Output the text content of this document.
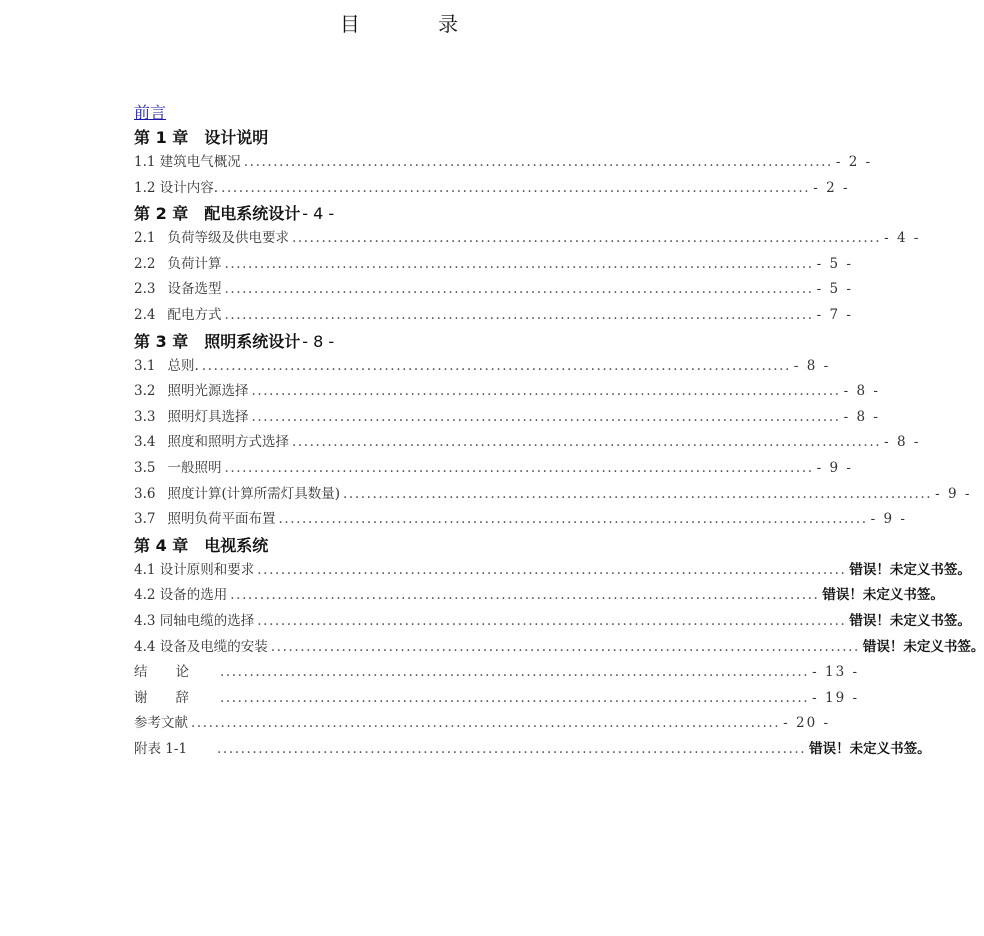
目 录
前言
第 1 章 设计说明
1.1 建筑电气概况 .................................................................................................... - 2 -
1.2 设计内容. .................................................................................................... - 2 -
第 2 章 配电系统设计 - 4 -
2.1 负荷等级及供电要求 .................................................................................................... - 4 -
2.2 负荷计算 .................................................................................................... - 5 -
2.3 设备选型 .................................................................................................... - 5 -
2.4 配电方式 .................................................................................................... - 7 -
第 3 章 照明系统设计 - 8 -
3.1 总则. .................................................................................................... - 8 -
3.2 照明光源选择 .................................................................................................... - 8 -
3.3 照明灯具选择 .................................................................................................... - 8 -
3.4 照度和照明方式选择 .................................................................................................... - 8 -
3.5 一般照明 .................................................................................................... - 9 -
3.6 照度计算(计算所需灯具数量) .................................................................................................... - 9 -
3.7 照明负荷平面布置 .................................................................................................... - 9 -
第 4 章 电视系统
4.1 设计原则和要求 .................................................................................................... 错误！未定义书签。
4.2 设备的选用 .................................................................................................... 错误！未定义书签。
4.3 同轴电缆的选择 .................................................................................................... 错误！未定义书签。
4.4 设备及电缆的安装 .................................................................................................... 错误！未定义书签。
结论 .................................................................................................... - 13 -
谢辞 .................................................................................................... - 19 -
参考文献 .................................................................................................... - 20 -
附表 1-1 .................................................................................................... 错误！未定义书签。
